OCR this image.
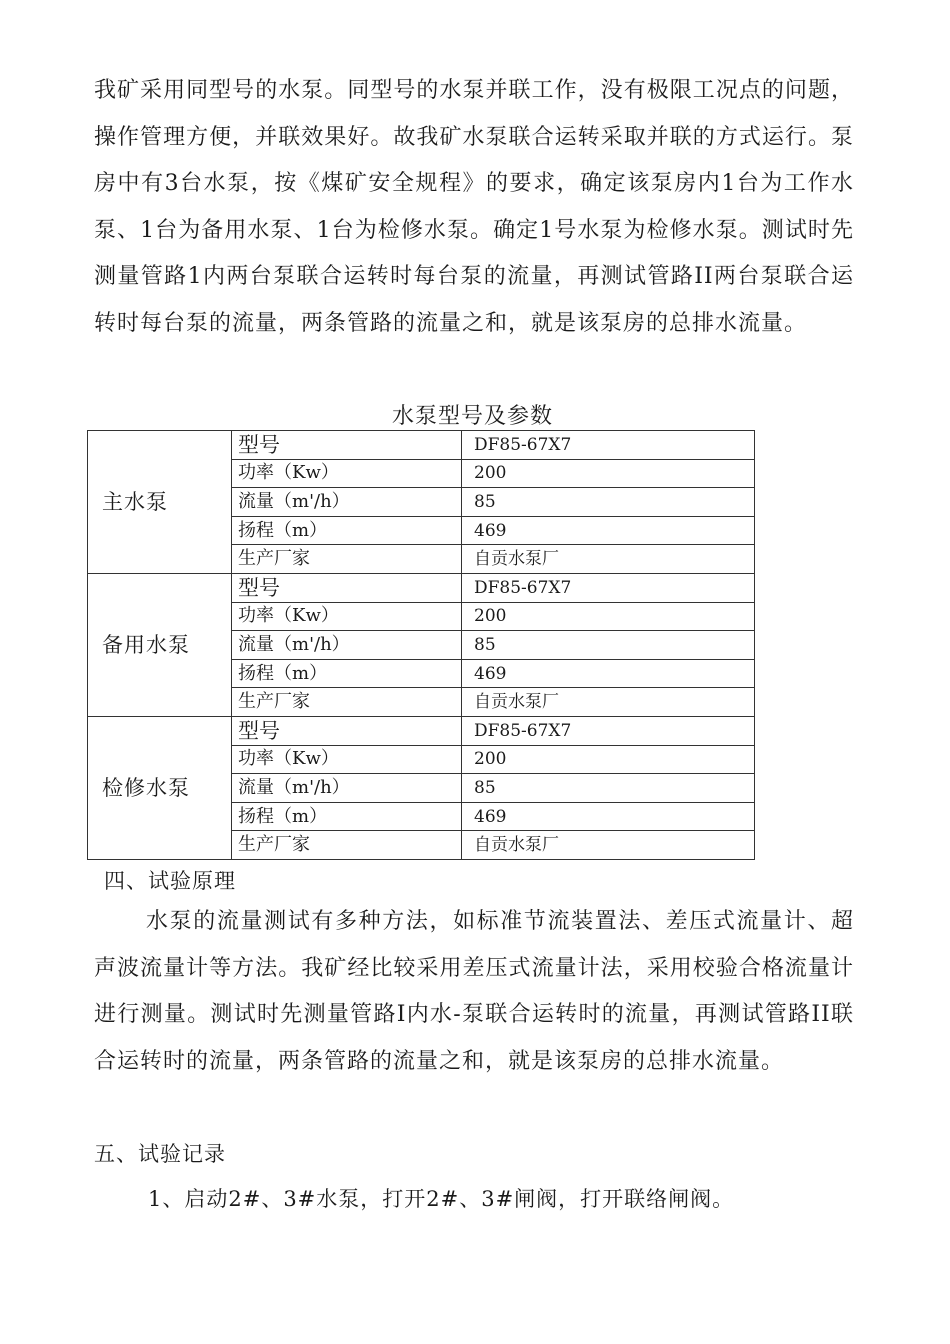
我矿采用同型号的水泵。同型号的水泵并联工作，没有极限工况点的问题，操作管理方便，并联效果好。故我矿水泵联合运转采取并联的方式运行。泵房中有3台水泵，按《煤矿安全规程》的要求，确定该泵房内1台为工作水泵、1台为备用水泵、1台为检修水泵。确定1号水泵为检修水泵。测试时先测量管路1内两台泵联合运转时每台泵的流量，再测试管路II两台泵联合运转时每台泵的流量，两条管路的流量之和，就是该泵房的总排水流量。

水泵型号及参数
主水泵	型号	DF85-67X7
	功率（Kw）	200
	流量（m'/h）	85
	扬程（m）	469
	生产厂家	自贡水泵厂
备用水泵	型号	DF85-67X7
	功率（Kw）	200
	流量（m'/h）	85
	扬程（m）	469
	生产厂家	自贡水泵厂
检修水泵	型号	DF85-67X7
	功率（Kw）	200
	流量（m'/h）	85
	扬程（m）	469
	生产厂家	自贡水泵厂
四、试验原理

水泵的流量测试有多种方法，如标准节流装置法、差压式流量计、超声波流量计等方法。我矿经比较采用差压式流量计法，采用校验合格流量计进行测量。测试时先测量管路I内水-泵联合运转时的流量，再测试管路II联合运转时的流量，两条管路的流量之和，就是该泵房的总排水流量。

五、试验记录
1、启动2#、3#水泵，打开2#、3#闸阀，打开联络闸阀。
